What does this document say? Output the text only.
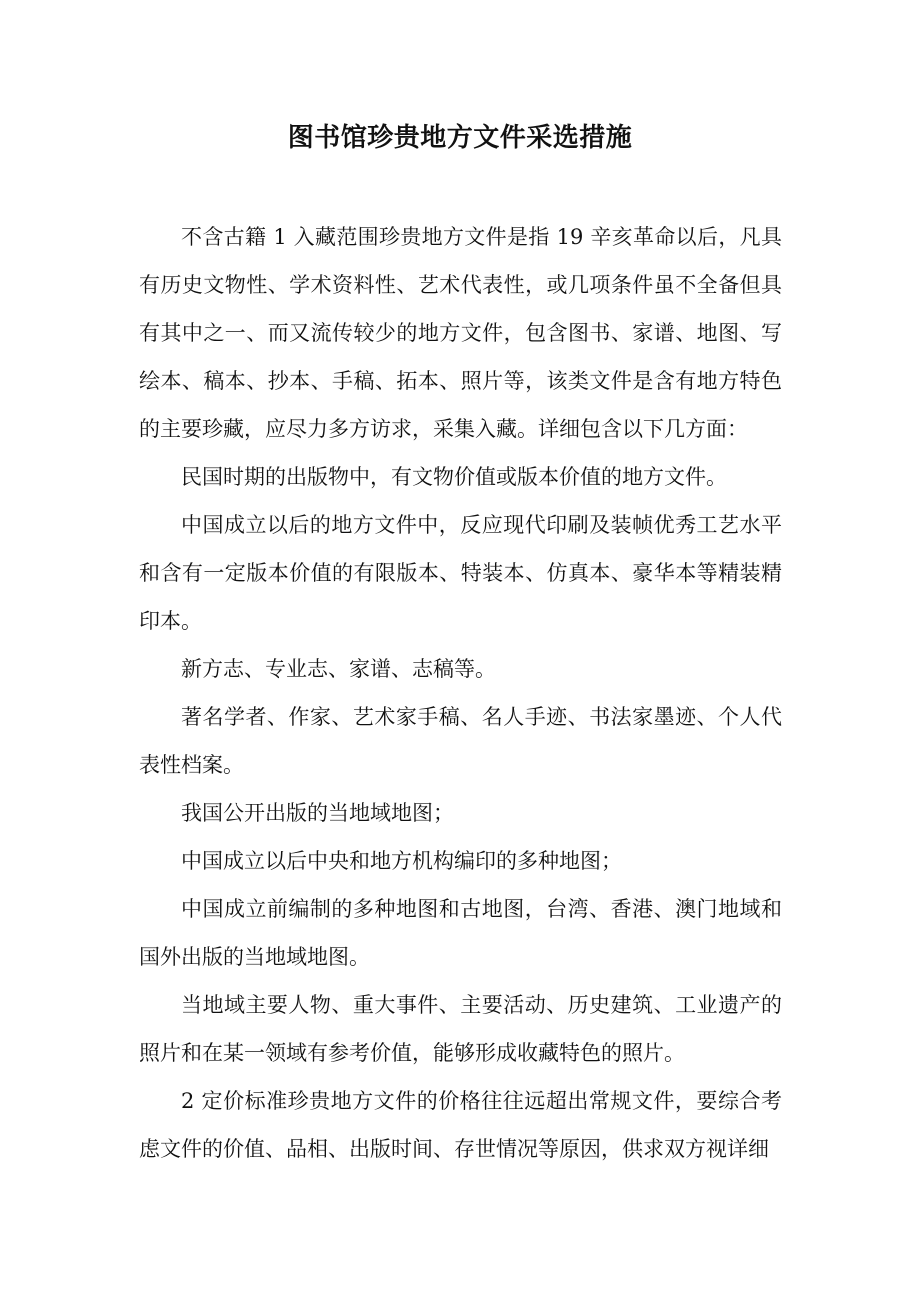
图书馆珍贵地方文件采选措施

不含古籍 1 入藏范围珍贵地方文件是指 19 辛亥革命以后，凡具有历史文物性、学术资料性、艺术代表性，或几项条件虽不全备但具有其中之一、而又流传较少的地方文件，包含图书、家谱、地图、写绘本、稿本、抄本、手稿、拓本、照片等，该类文件是含有地方特色的主要珍藏，应尽力多方访求，采集入藏。详细包含以下几方面：

民国时期的出版物中，有文物价值或版本价值的地方文件。

中国成立以后的地方文件中，反应现代印刷及装帧优秀工艺水平和含有一定版本价值的有限版本、特装本、仿真本、豪华本等精装精印本。

新方志、专业志、家谱、志稿等。

著名学者、作家、艺术家手稿、名人手迹、书法家墨迹、个人代表性档案。

我国公开出版的当地域地图；

中国成立以后中央和地方机构编印的多种地图；

中国成立前编制的多种地图和古地图，台湾、香港、澳门地域和国外出版的当地域地图。

当地域主要人物、重大事件、主要活动、历史建筑、工业遗产的照片和在某一领域有参考价值，能够形成收藏特色的照片。

2 定价标准珍贵地方文件的价格往往远超出常规文件，要综合考虑文件的价值、品相、出版时间、存世情况等原因，供求双方视详细
